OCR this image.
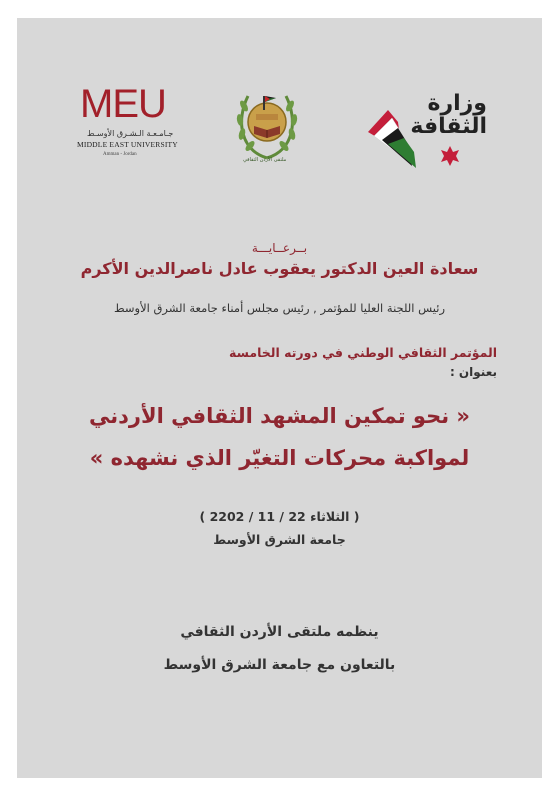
MEU
جـامـعـة الـشـرق الأوسـط
MIDDLE EAST UNIVERSITY
Amman - Jordan
ملتقى الأردن الثقافي
وزارة
الثقافة
بــرعــايـــة
سعادة العين الدكتور يعقوب عادل ناصرالدين الأكرم
رئيس اللجنة العليا للمؤتمر , رئيس مجلس أمناء جامعة الشرق الأوسط
المؤتمر الثقافي الوطني في دورته الخامسة
بعنوان :
« نحو تمكين المشهد الثقافي الأردني
لمواكبة محركات التغيّر الذي نشهده »
( الثلاثاء 22 / 11 / 2202 )
جامعة الشرق الأوسط
ينظمه ملتقى الأردن الثقافي
بالتعاون مع جامعة الشرق الأوسط
